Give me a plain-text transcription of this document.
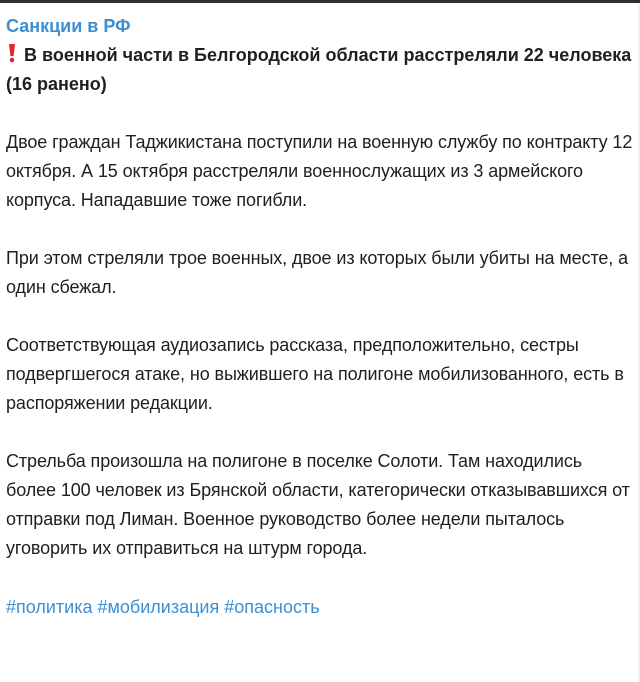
Санкции в РФ
В военной части в Белгородской области расстреляли 22 человека (16 ранено)
Двое граждан Таджикистана поступили на военную службу по контракту 12 октября. А 15 октября расстреляли военнослужащих из 3 армейского корпуса. Нападавшие тоже погибли.
При этом стреляли трое военных, двое из которых были убиты на месте, а один сбежал.
Соответствующая аудиозапись рассказа, предположительно, сестры подвергшегося атаке, но выжившего на полигоне мобилизованного, есть в распоряжении редакции.
Стрельба произошла на полигоне в поселке Солоти. Там находились более 100 человек из Брянской области, категорически отказывавшихся от отправки под Лиман. Военное руководство более недели пыталось уговорить их отправиться на штурм города.
#политика #мобилизация #опасность
